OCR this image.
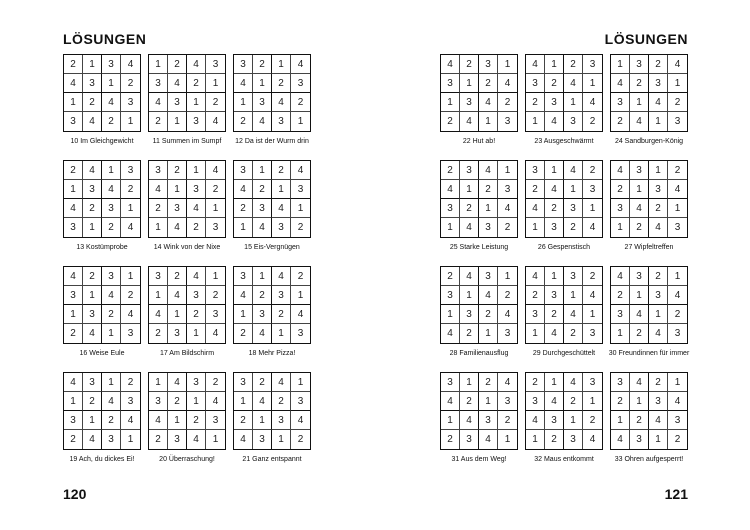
LÖSUNGEN
2	1	3	4
4	3	1	2
1	2	4	3
3	4	2	1
10 Im Gleichgewicht
1	2	4	3
3	4	2	1
4	3	1	2
2	1	3	4
11 Summen im Sumpf
3	2	1	4
4	1	2	3
1	3	4	2
2	4	3	1
12 Da ist der Wurm drin
2	4	1	3
1	3	4	2
4	2	3	1
3	1	2	4
13 Kostümprobe
3	2	1	4
4	1	3	2
2	3	4	1
1	4	2	3
14 Wink von der Nixe
3	1	2	4
4	2	1	3
2	3	4	1
1	4	3	2
15 Eis-Vergnügen
4	2	3	1
3	1	4	2
1	3	2	4
2	4	1	3
16 Weise Eule
3	2	4	1
1	4	3	2
4	1	2	3
2	3	1	4
17 Am Bildschirm
3	1	4	2
4	2	3	1
1	3	2	4
2	4	1	3
18 Mehr Pizza!
4	3	1	2
1	2	4	3
3	1	2	4
2	4	3	1
19 Ach, du dickes Ei!
1	4	3	2
3	2	1	4
4	1	2	3
2	3	4	1
20 Überraschung!
3	2	4	1
1	4	2	3
2	1	3	4
4	3	1	2
21 Ganz entspannt
120
LÖSUNGEN
4	2	3	1
3	1	2	4
1	3	4	2
2	4	1	3
22 Hut ab!
4	1	2	3
3	2	4	1
2	3	1	4
1	4	3	2
23 Ausgeschwärmt
1	3	2	4
4	2	3	1
3	1	4	2
2	4	1	3
24 Sandburgen-König
2	3	4	1
4	1	2	3
3	2	1	4
1	4	3	2
25 Starke Leistung
3	1	4	2
2	4	1	3
4	2	3	1
1	3	2	4
26 Gespenstisch
4	3	1	2
2	1	3	4
3	4	2	1
1	2	4	3
27 Wipfeltreffen
2	4	3	1
3	1	4	2
1	3	2	4
4	2	1	3
28 Familienausflug
4	1	3	2
2	3	1	4
3	2	4	1
1	4	2	3
29 Durchgeschüttelt
4	3	2	1
2	1	3	4
3	4	1	2
1	2	4	3
30 Freundinnen für immer
3	1	2	4
4	2	1	3
1	4	3	2
2	3	4	1
31 Aus dem Weg!
2	1	4	3
3	4	2	1
4	3	1	2
1	2	3	4
32 Maus entkommt
3	4	2	1
2	1	3	4
1	2	4	3
4	3	1	2
33 Ohren aufgesperrt!
121
